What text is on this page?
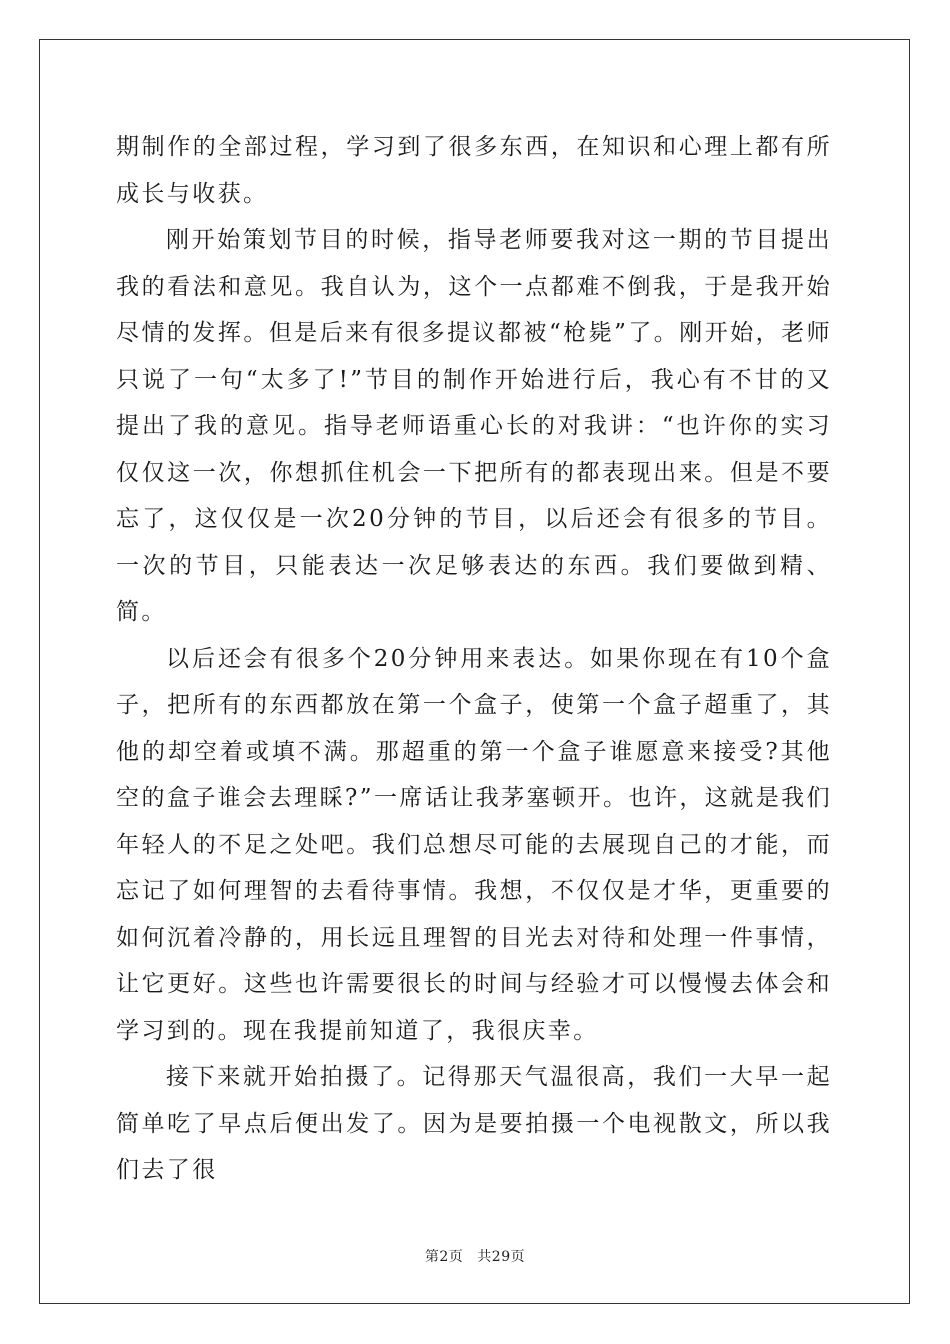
期制作的全部过程，学习到了很多东西，在知识和心理上都有所成长与收获。

刚开始策划节目的时候，指导老师要我对这一期的节目提出我的看法和意见。我自认为，这个一点都难不倒我，于是我开始尽情的发挥。但是后来有很多提议都被“枪毙”了。刚开始，老师只说了一句“太多了!”节目的制作开始进行后，我心有不甘的又提出了我的意见。指导老师语重心长的对我讲：“也许你的实习仅仅这一次，你想抓住机会一下把所有的都表现出来。但是不要忘了，这仅仅是一次20分钟的节目，以后还会有很多的节目。一次的节目，只能表达一次足够表达的东西。我们要做到精、简。

以后还会有很多个20分钟用来表达。如果你现在有10个盒子，把所有的东西都放在第一个盒子，使第一个盒子超重了，其他的却空着或填不满。那超重的第一个盒子谁愿意来接受?其他空的盒子谁会去理睬?”一席话让我茅塞顿开。也许，这就是我们年轻人的不足之处吧。我们总想尽可能的去展现自己的才能，而忘记了如何理智的去看待事情。我想，不仅仅是才华，更重要的如何沉着冷静的，用长远且理智的目光去对待和处理一件事情，让它更好。这些也许需要很长的时间与经验才可以慢慢去体会和学习到的。现在我提前知道了，我很庆幸。

接下来就开始拍摄了。记得那天气温很高，我们一大早一起简单吃了早点后便出发了。因为是要拍摄一个电视散文，所以我们去了很

第2页 共29页
